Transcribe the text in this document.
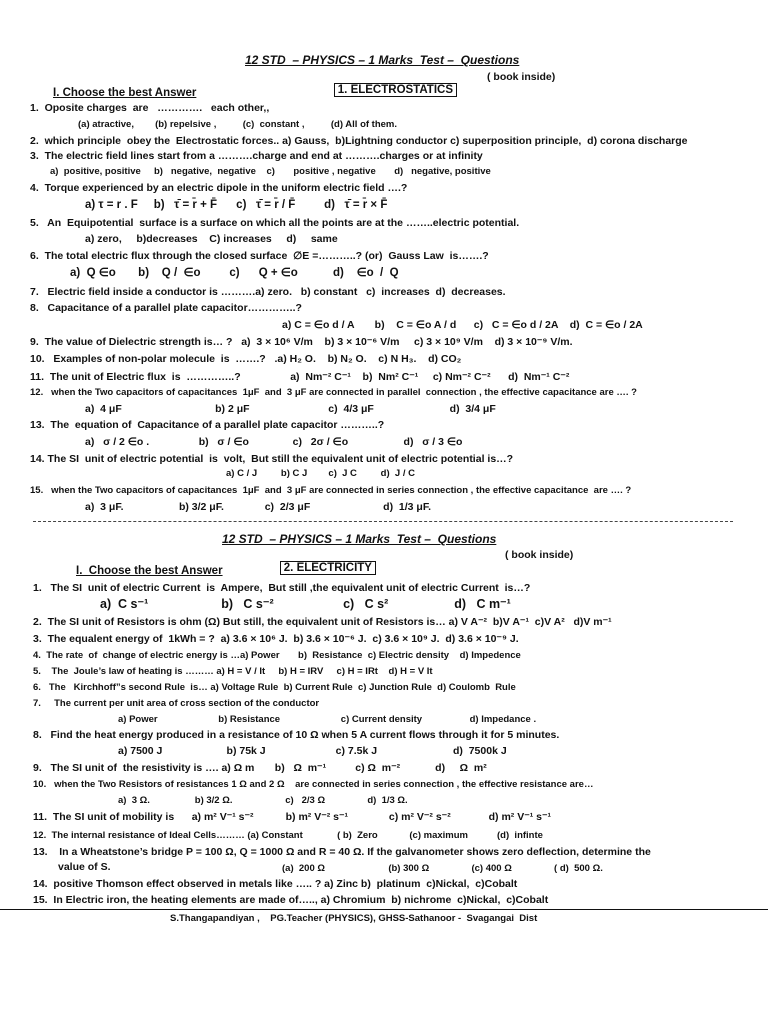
12 STD  – PHYSICS – 1 Marks  Test –  Questions

1. ELECTROSTATICS

( book inside)
I. Choose the best Answer
1.  Oposite charges  are   ………….   each other,,
(a) atractive,        (b) repelsive ,          (c)  constant ,          (d) All of them.
2.  which principle  obey the  Electrostatic forces.. a) Gauss,  b)Lightning conductor c) superposition principle,  d) corona discharge
3.  The electric field lines start from a ……….charge and end at ……….charges or at infinity
a)  positive, positive     b)   negative,  negative    c)       positive , negative       d)   negative, positive
4.  Torque experienced by an electric dipole in the uniform electric field ….?
a) τ = r . F     b)   τ̄ = r̄ + F̄      c)   τ̄ = r̄ / F̄         d)   τ̄ = r̄ × F̄
5.   An  Equipotential  surface is a surface on which all the points are at the ……..electric potential.
a) zero,     b)decreases    C) increases     d)     same
6.  The total electric flux through the closed surface  ∅E =………..? (or)  Gauss Law  is…….?
a)  Q ∈o       b)    Q /  ∈o         c)      Q + ∈o           d)    ∈o  /  Q
7.   Electric field inside a conductor is ……….a) zero.   b) constant   c)  increases  d)  decreases.
8.   Capacitance of a parallel plate capacitor…………..?
a) C = ∈o d / A       b)    C = ∈o A / d      c)   C = ∈o d / 2A    d)  C = ∈o / 2A
9.  The value of Dielectric strength is… ?   a)  3 × 10⁶ V/m    b) 3 × 10⁻⁶ V/m     c) 3 × 10⁹ V/m    d) 3 × 10⁻⁹ V/m.
10.   Examples of non-polar molecule  is  …….?   .a) H₂ O.    b) N₂ O.    c) N H₃.    d) CO₂
11.  The unit of Electric flux  is  …………..?                 a)  Nm⁻² C⁻¹    b)  Nm² C⁻¹     c) Nm⁻² C⁻²      d)  Nm⁻¹ C⁻²
12.   when the Two capacitors of capacitances  1μF  and  3 μF are connected in parallel  connection , the effective capacitance are …. ?
a)  4 μF                                b) 2 μF                           c)  4/3 μF                          d)  3/4 μF
13.  The  equation of  Capacitance of a parallel plate capacitor ………..?
a)   σ / 2 ∈o .                 b)   σ / ∈o               c)   2σ / ∈o                   d)   σ / 3 ∈o
14. The SI  unit of electric potential  is  volt,  But still the equivalent unit of electric potential is…?
a) C / J         b) C J        c)  J C         d)  J / C
15.   when the Two capacitors of capacitances  1μF  and  3 μF are connected in series connection , the effective capacitance  are …. ?
a)  3 μF.                   b) 3/2 μF.              c)  2/3 μF                         d)  1/3 μF.
12 STD  – PHYSICS – 1 Marks  Test –  Questions

2. ELECTRICITY

( book inside)
I.  Choose the best Answer
1.   The SI  unit of electric Current  is  Ampere,  But still ,the equivalent unit of electric Current  is…?
a)  C s⁻¹                     b)   C s⁻²                    c)   C s²                   d)   C m⁻¹
2.  The SI unit of Resistors is ohm (Ω) But still, the equivalent unit of Resistors is… a) V A⁻²  b)V A⁻¹  c)V A²   d)V m⁻¹
3.  The equalent energy of  1kWh = ?  a) 3.6 × 10⁶ J.  b) 3.6 × 10⁻⁶ J.  c) 3.6 × 10⁹ J.  d) 3.6 × 10⁻⁹ J.
4.  The rate  of  change of electric energy is …a) Power       b)  Resistance  c) Electric density    d) Impedence
5.    The  Joule’s law of heating is ……… a) H = V / It     b) H = IRV     c) H = IRt    d) H = V It
6.   The   Kirchhoff”s second Rule  is… a) Voltage Rule  b) Current Rule  c) Junction Rule  d) Coulomb  Rule
7.     The current per unit area of cross section of the conductor
a) Power                       b) Resistance                       c) Current density                  d) Impedance .
8.   Find the heat energy produced in a resistance of 10 Ω when 5 A current flows through it for 5 minutes.
a) 7500 J                      b) 75k J                        c) 7.5k J                          d)  7500k J
9.   The SI unit of  the resistivity is …. a) Ω m       b)   Ω  m⁻¹          c) Ω  m⁻²            d)     Ω  m²
10.   when the Two Resistors of resistances 1 Ω and 2 Ω    are connected in series connection , the effective resistance are…
a)  3 Ω.                 b) 3/2 Ω.                    c)   2/3 Ω                d)  1/3 Ω.
11.  The SI unit of mobility is      a) m² V⁻¹ s⁻²           b) m² V⁻² s⁻¹              c) m² V⁻² s⁻²             d) m² V⁻¹ s⁻¹
12.  The internal resistance of Ideal Cells……… (a) Constant             ( b)  Zero            (c) maximum           (d)  infinte
13.    In a Wheatstone’s bridge P = 100 Ω, Q = 1000 Ω and R = 40 Ω. If the galvanometer shows zero deflection, determine the
value of S.	(a)  200 Ω                        (b) 300 Ω                (c) 400 Ω                ( d)  500 Ω.
14.  positive Thomson effect observed in metals like ….. ? a) Zinc b)  platinum  c)Nickal,  c)Cobalt
15.  In Electric iron, the heating elements are made of….., a) Chromium  b) nichrome  c)Nickal,  c)Cobalt
S.Thangapandiyan ,    PG.Teacher (PHYSICS), GHSS-Sathanoor -  Svagangai  Dist
